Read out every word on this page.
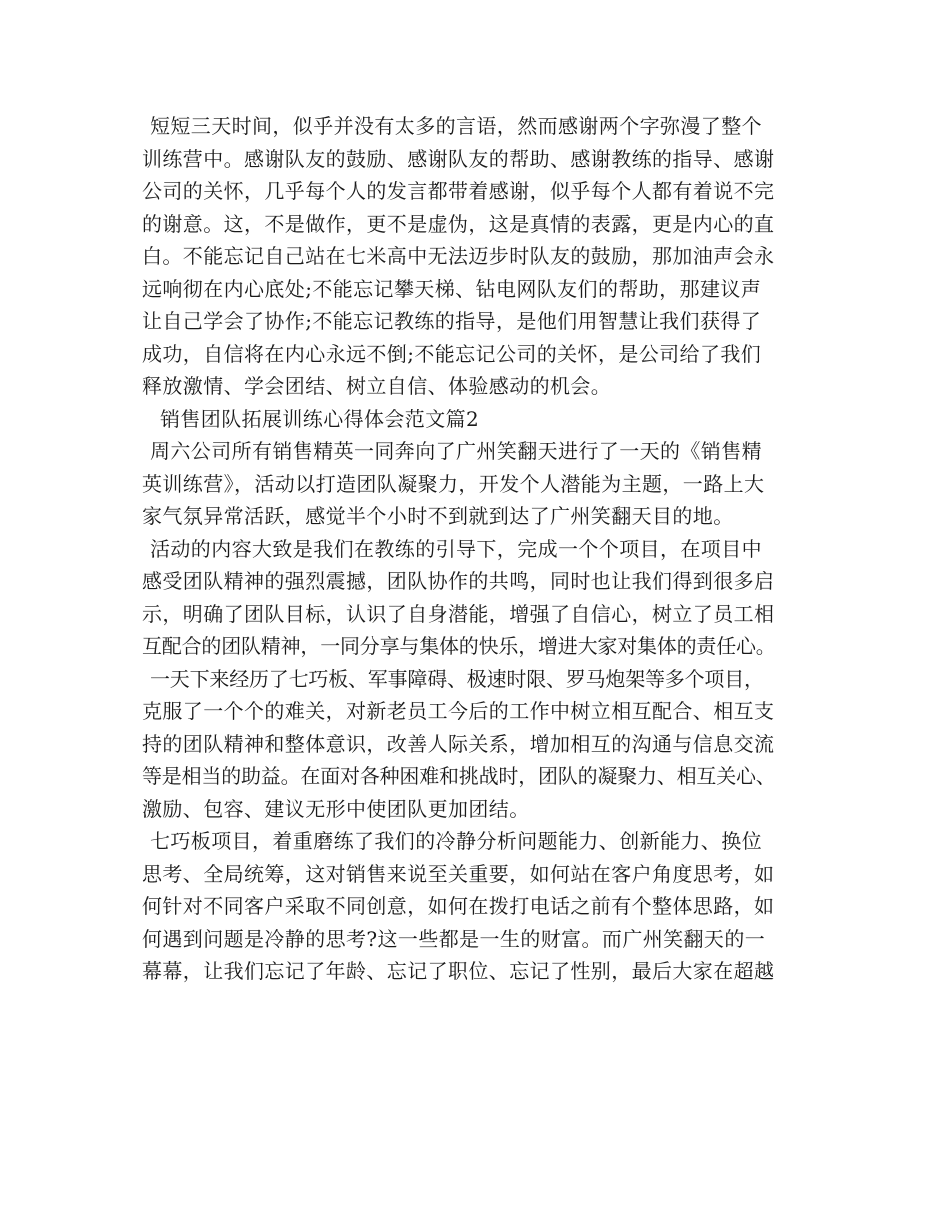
短短三天时间，似乎并没有太多的言语，然而感谢两个字弥漫了整个
训练营中。感谢队友的鼓励、感谢队友的帮助、感谢教练的指导、感谢
公司的关怀，几乎每个人的发言都带着感谢，似乎每个人都有着说不完
的谢意。这，不是做作，更不是虚伪，这是真情的表露，更是内心的直
白。不能忘记自己站在七米高中无法迈步时队友的鼓励，那加油声会永
远响彻在内心底处;不能忘记攀天梯、钻电网队友们的帮助，那建议声
让自己学会了协作;不能忘记教练的指导，是他们用智慧让我们获得了
成功，自信将在内心永远不倒;不能忘记公司的关怀，是公司给了我们
释放激情、学会团结、树立自信、体验感动的机会。
销售团队拓展训练心得体会范文篇2
周六公司所有销售精英一同奔向了广州笑翻天进行了一天的《销售精
英训练营》，活动以打造团队凝聚力，开发个人潜能为主题，一路上大
家气氛异常活跃，感觉半个小时不到就到达了广州笑翻天目的地。
活动的内容大致是我们在教练的引导下，完成一个个项目，在项目中
感受团队精神的强烈震撼，团队协作的共鸣，同时也让我们得到很多启
示，明确了团队目标，认识了自身潜能，增强了自信心，树立了员工相
互配合的团队精神，一同分享与集体的快乐，增进大家对集体的责任心。
一天下来经历了七巧板、军事障碍、极速时限、罗马炮架等多个项目，
克服了一个个的难关，对新老员工今后的工作中树立相互配合、相互支
持的团队精神和整体意识，改善人际关系，增加相互的沟通与信息交流
等是相当的助益。在面对各种困难和挑战时，团队的凝聚力、相互关心、
激励、包容、建议无形中使团队更加团结。
七巧板项目，着重磨练了我们的冷静分析问题能力、创新能力、换位
思考、全局统筹，这对销售来说至关重要，如何站在客户角度思考，如
何针对不同客户采取不同创意，如何在拨打电话之前有个整体思路，如
何遇到问题是冷静的思考?这一些都是一生的财富。而广州笑翻天的一
幕幕，让我们忘记了年龄、忘记了职位、忘记了性别，最后大家在超越
